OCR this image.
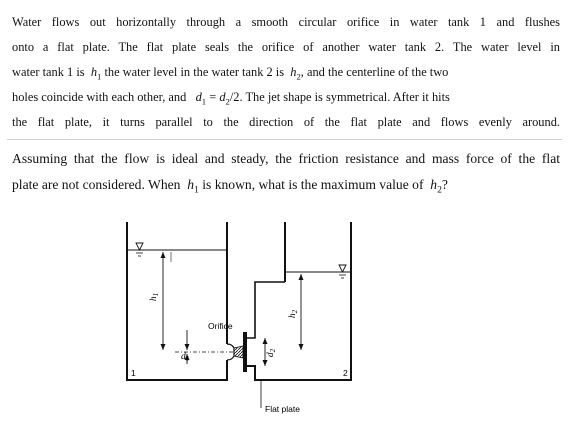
Water flows out horizontally through a smooth circular orifice in water tank 1 and flushes
onto a flat plate. The flat plate seals the orifice of another water tank 2. The water level in
water tank 1 is $h_1$ the water level in the water tank 2 is $h_2$, and the centerline of the two
holes coincide with each other, and $d_1 = d_2/2$. The jet shape is symmetrical. After it hits
the flat plate, it turns parallel to the direction of the flat plate and flows evenly around.
Assuming that the flow is ideal and steady, the friction resistance and mass force of the flat
plate are not considered. When $h_1$ is known, what is the maximum value of $h_2$?
$h_1$
$d_1$
Orifice
Flat plate
$h_2$
$d_2$
1	2
